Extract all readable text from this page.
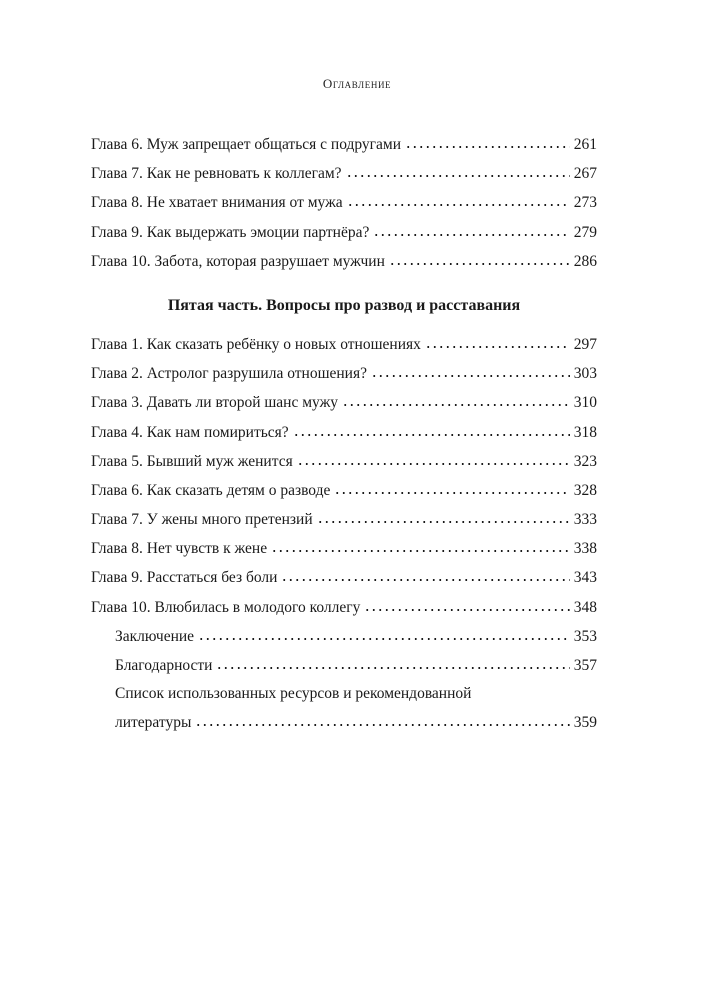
Оглавление
Глава 6. Муж запрещает общаться с подругами	261
Глава 7. Как не ревновать к коллегам?	267
Глава 8. Не хватает внимания от мужа	273
Глава 9. Как выдержать эмоции партнёра?	279
Глава 10. Забота, которая разрушает мужчин	286
Пятая часть. Вопросы про развод и расставания
Глава 1. Как сказать ребёнку о новых отношениях	297
Глава 2. Астролог разрушила отношения?	303
Глава 3. Давать ли второй шанс мужу	310
Глава 4. Как нам помириться?	318
Глава 5. Бывший муж женится	323
Глава 6. Как сказать детям о разводе	328
Глава 7. У жены много претензий	333
Глава 8. Нет чувств к жене	338
Глава 9. Расстаться без боли	343
Глава 10. Влюбилась в молодого коллегу	348
Заключение	353
Благодарности	357
Список использованных ресурсов и рекомендованной
литературы	359
